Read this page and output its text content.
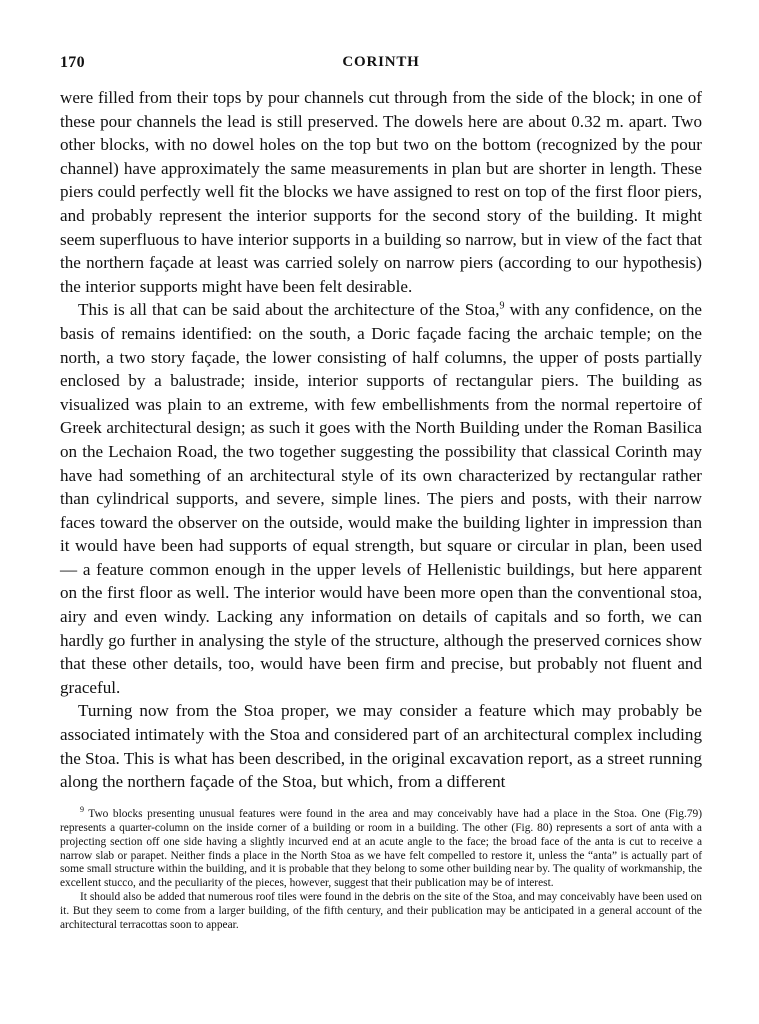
170	CORINTH

were filled from their tops by pour channels cut through from the side of the block; in one of these pour channels the lead is still preserved. The dowels here are about 0.32 m. apart. Two other blocks, with no dowel holes on the top but two on the bottom (recognized by the pour channel) have approximately the same measurements in plan but are shorter in length. These piers could perfectly well fit the blocks we have assigned to rest on top of the first floor piers, and probably represent the interior supports for the second story of the building. It might seem superfluous to have interior supports in a building so narrow, but in view of the fact that the northern façade at least was carried solely on narrow piers (according to our hypothesis) the interior supports might have been felt desirable.

This is all that can be said about the architecture of the Stoa,$^9$ with any confidence, on the basis of remains identified: on the south, a Doric façade facing the archaic temple; on the north, a two story façade, the lower consisting of half columns, the upper of posts partially enclosed by a balustrade; inside, interior supports of rectangular piers. The building as visualized was plain to an extreme, with few embellishments from the normal repertoire of Greek architectural design; as such it goes with the North Building under the Roman Basilica on the Lechaion Road, the two together suggesting the possibility that classical Corinth may have had something of an architectural style of its own characterized by rectangular rather than cylindrical supports, and severe, simple lines. The piers and posts, with their narrow faces toward the observer on the outside, would make the building lighter in impression than it would have been had supports of equal strength, but square or circular in plan, been used — a feature common enough in the upper levels of Hellenistic buildings, but here apparent on the first floor as well. The interior would have been more open than the conventional stoa, airy and even windy. Lacking any information on details of capitals and so forth, we can hardly go further in analysing the style of the structure, although the preserved cornices show that these other details, too, would have been firm and precise, but probably not fluent and graceful.

Turning now from the Stoa proper, we may consider a feature which may probably be associated intimately with the Stoa and considered part of an architectural complex including the Stoa. This is what has been described, in the original excavation report, as a street running along the northern façade of the Stoa, but which, from a different

$^9$ Two blocks presenting unusual features were found in the area and may conceivably have had a place in the Stoa. One (Fig.79) represents a quarter-column on the inside corner of a building or room in a building. The other (Fig. 80) represents a sort of anta with a projecting section off one side having a slightly incurved end at an acute angle to the face; the broad face of the anta is cut to receive a narrow slab or parapet. Neither finds a place in the North Stoa as we have felt compelled to restore it, unless the “anta” is actually part of some small structure within the building, and it is probable that they belong to some other building near by. The quality of workmanship, the excellent stucco, and the peculiarity of the pieces, however, suggest that their publication may be of interest.

It should also be added that numerous roof tiles were found in the debris on the site of the Stoa, and may conceivably have been used on it. But they seem to come from a larger building, of the fifth century, and their publication may be anticipated in a general account of the architectural terracottas soon to appear.
